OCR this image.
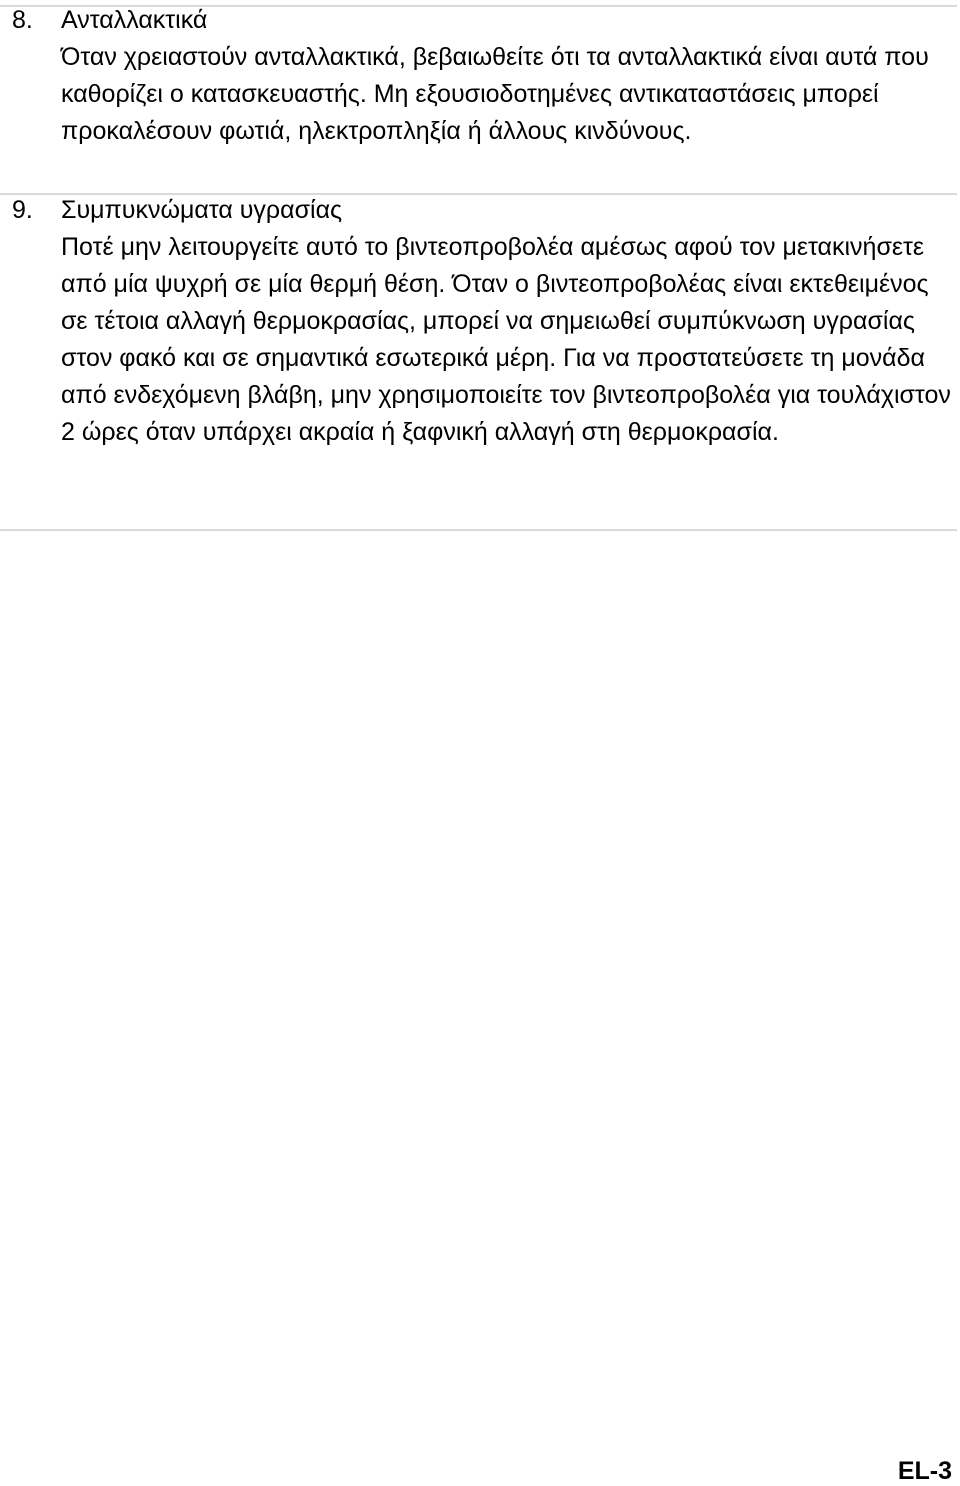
8. Ανταλλακτικά
Όταν χρειαστούν ανταλλακτικά, βεβαιωθείτε ότι τα ανταλλακτικά είναι αυτά που καθορίζει ο κατασκευαστής. Μη εξουσιοδοτημένες αντικαταστάσεις μπορεί προκαλέσουν φωτιά, ηλεκτροπληξία ή άλλους κινδύνους.
9. Συμπυκνώματα υγρασίας
Ποτέ μην λειτουργείτε αυτό το βιντεοπροβολέα αμέσως αφού τον μετακινήσετε από μία ψυχρή σε μία θερμή θέση. Όταν ο βιντεοπροβολέας είναι εκτεθειμένος σε τέτοια αλλαγή θερμοκρασίας, μπορεί να σημειωθεί συμπύκνωση υγρασίας στον φακό και σε σημαντικά εσωτερικά μέρη. Για να προστατεύσετε τη μονάδα από ενδεχόμενη βλάβη, μην χρησιμοποιείτε τον βιντεοπροβολέα για τουλάχιστον 2 ώρες όταν υπάρχει ακραία ή ξαφνική αλλαγή στη θερμοκρασία.
EL-3
